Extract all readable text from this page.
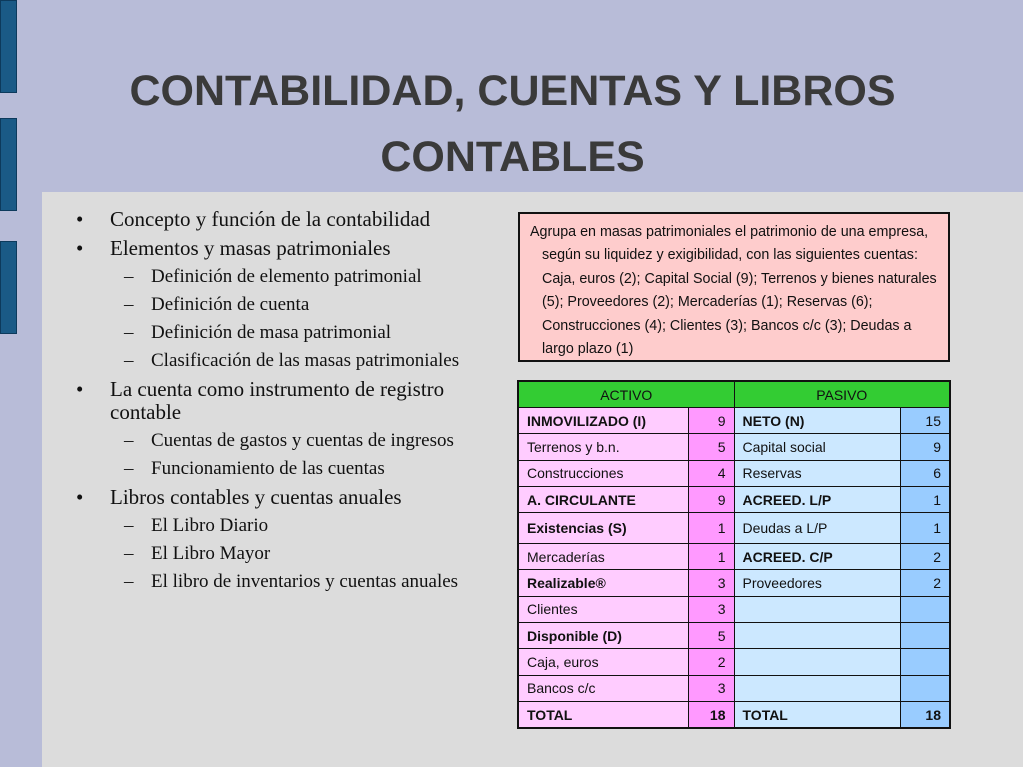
CONTABILIDAD, CUENTAS Y LIBROS
CONTABLES
• Concepto y función de la contabilidad
• Elementos y masas patrimoniales
– Definición de elemento patrimonial
– Definición de cuenta
– Definición de masa patrimonial
– Clasificación de las masas patrimoniales
• La cuenta como instrumento de registro contable
– Cuentas de gastos y cuentas de ingresos
– Funcionamiento de las cuentas
• Libros contables y cuentas anuales
– El Libro Diario
– El Libro Mayor
– El libro de inventarios y cuentas anuales

Agrupa en masas patrimoniales el patrimonio de una empresa, según su liquidez y exigibilidad, con las siguientes cuentas: Caja, euros (2); Capital Social (9); Terrenos y bienes naturales (5); Proveedores (2); Mercaderías (1); Reservas (6); Construcciones (4); Clientes (3); Bancos c/c (3); Deudas a largo plazo (1)

ACTIVO		PASIVO	
INMOVILIZADO (I)	9	NETO (N)	15
Terrenos y b.n.	5	Capital social	9
Construcciones	4	Reservas	6
A. CIRCULANTE	9	ACREED. L/P	1
Existencias (S)	1	Deudas a L/P	1
Mercaderías	1	ACREED. C/P	2
Realizable®	3	Proveedores	2
Clientes	3		
Disponible (D)	5		
Caja, euros	2		
Bancos c/c	3		
TOTAL	18	TOTAL	18
